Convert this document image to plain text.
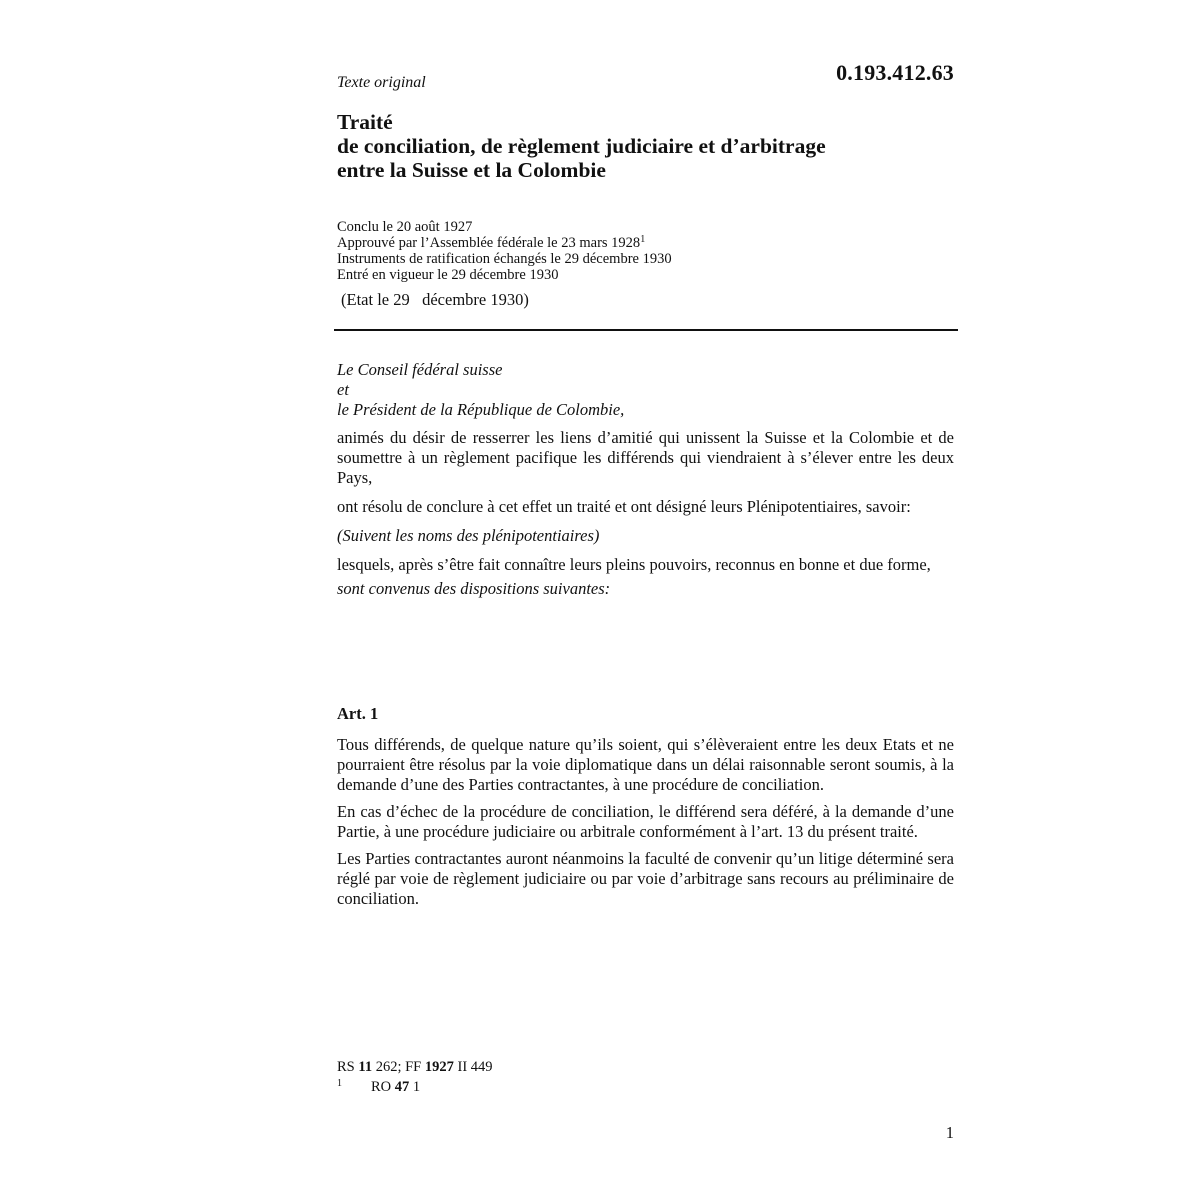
0.193.412.63
Texte original
Traité
de conciliation, de règlement judiciaire et d’arbitrage
entre la Suisse et la Colombie
Conclu le 20 août 1927
Approuvé par l’Assemblée fédérale le 23 mars 1928$^1$
Instruments de ratification échangés le 29 décembre 1930
Entré en vigueur le 29 décembre 1930
(Etat le 29   décembre 1930)
Le Conseil fédéral suisse
et
le Président de la République de Colombie,
animés du désir de resserrer les liens d’amitié qui unissent la Suisse et la Colombie et de soumettre à un règlement pacifique les différends qui viendraient à s’élever entre les deux Pays,
ont résolu de conclure à cet effet un traité et ont désigné leurs Plénipotentiaires, savoir:
(Suivent les noms des plénipotentiaires)
lesquels, après s’être fait connaître leurs pleins pouvoirs, reconnus en bonne et due forme,
sont convenus des dispositions suivantes:
Art. 1
Tous différends, de quelque nature qu’ils soient, qui s’élèveraient entre les deux Etats et ne pourraient être résolus par la voie diplomatique dans un délai raisonnable seront soumis, à la demande d’une des Parties contractantes, à une procédure de conciliation.
En cas d’échec de la procédure de conciliation, le différend sera déféré, à la demande d’une Partie, à une procédure judiciaire ou arbitrale conformément à l’art. 13 du présent traité.
Les Parties contractantes auront néanmoins la faculté de convenir qu’un litige déterminé sera réglé par voie de règlement judiciaire ou par voie d’arbitrage sans recours au préliminaire de conciliation.
RS 11 262; FF 1927 II 449
1 RO 47 1
1
